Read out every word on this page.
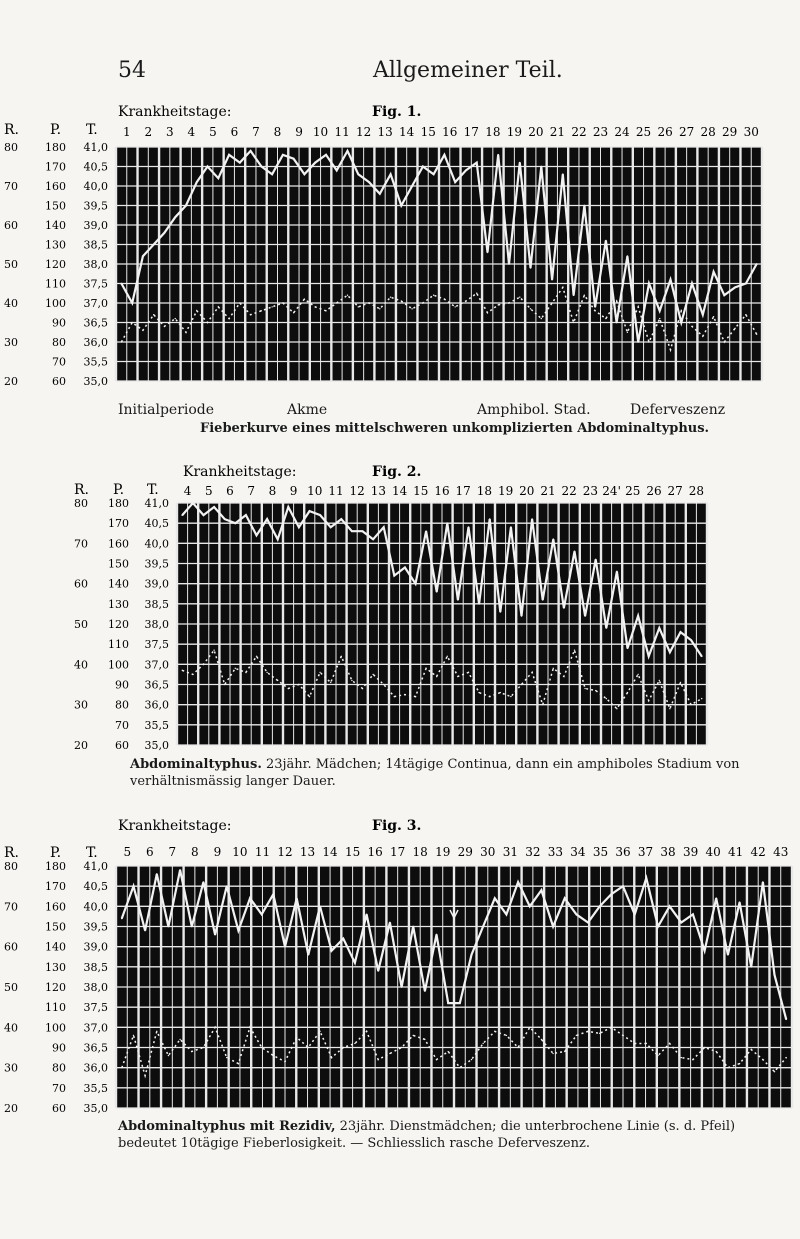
54	Allgemeiner Teil.
Krankheitstage:	Fig. 1.
R. P. T. 1 2 3 4 5 6 7 8 9 10 11 12 13 14 15 16 17 18 19 20 21 22 23 24 25 26 27 28 29 30
80 180 41,0
170 40,5
70 160 40,0
150 39,5
60 140 39,0
130 38,5
50 120 38,0
110 37,5
40 100 37,0
90 36,5
30	80 36,0
70 35,5
20	60 35,0
Initialperiode	Akme	Amphibol. Stad.	Deferveszenz
Fieberkurve eines mittelschweren unkomplizierten Abdominaltyphus.
Krankheitstage:	Fig. 2.
R. P. T. 4 5 6 7 8 9 10 11 12 13 14 15 16 17 18 19 20 21 22 23 24' 25 26 27 28
80 180 41,0
170 40,5
70 160 40,0
150 39,5
60 140 39,0
130 38,5
50 120 38,0
110 37,5
40 100 37,0
90 36,5
30 80 36,0
70 35,5
20 60 35,0
Abdominaltyphus. 23jähr. Mädchen; 14tägige Continua, dann ein amphiboles Stadium von verhältnismässig langer Dauer.
Krankheitstage:	Fig. 3.
R. P. T. 5 6 7 8 9 10 11 12 13 14 15 16 17 18 19 29 30 31 32 33 34 35 36 37 38 39 40 41 42 43
80 180 41,0
170 40,5
70 160 40,0
150 39,5
60 140 39,0
130 38,5
50 120 38,0
110 37,5
40 100 37,0
90 36,5
30	80 36,0
70 35,5
20	60 35,0
Abdominaltyphus mit Rezidiv, 23jähr. Dienstmädchen; die unterbrochene Linie (s. d. Pfeil) bedeutet 10tägige Fieberlosigkeit. — Schliesslich rasche Deferveszenz.
